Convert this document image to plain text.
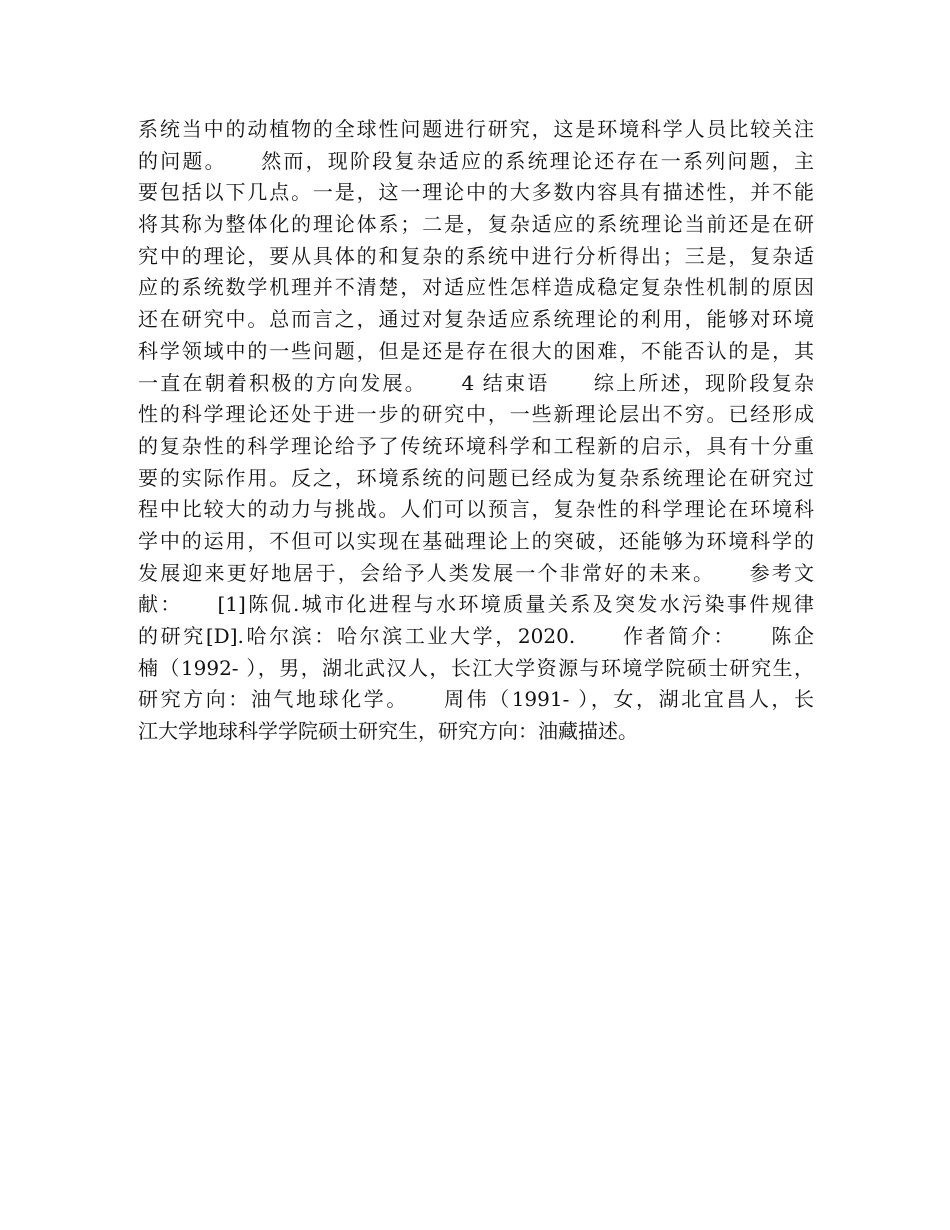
系统当中的动植物的全球性问题进行研究，这是环境科学人员比较关注
的问题。　　然而，现阶段复杂适应的系统理论还存在一系列问题，主
要包括以下几点。一是，这一理论中的大多数内容具有描述性，并不能
将其称为整体化的理论体系；二是，复杂适应的系统理论当前还是在研
究中的理论，要从具体的和复杂的系统中进行分析得出；三是，复杂适
应的系统数学机理并不清楚，对适应性怎样造成稳定复杂性机制的原因
还在研究中。总而言之，通过对复杂适应系统理论的利用，能够对环境
科学领域中的一些问题，但是还是存在很大的困难，不能否认的是，其
一直在朝着积极的方向发展。　　4 结束语　　综上所述，现阶段复杂
性的科学理论还处于进一步的研究中，一些新理论层出不穷。已经形成
的复杂性的科学理论给予了传统环境科学和工程新的启示，具有十分重
要的实际作用。反之，环境系统的问题已经成为复杂系统理论在研究过
程中比较大的动力与挑战。人们可以预言，复杂性的科学理论在环境科
学中的运用，不但可以实现在基础理论上的突破，还能够为环境科学的
发展迎来更好地居于，会给予人类发展一个非常好的未来。　　参考文
献：　　[1]陈侃.城市化进程与水环境质量关系及突发水污染事件规律
的研究[D].哈尔滨：哈尔滨工业大学，2020.　　作者简介：　　陈企
楠（1992- ），男，湖北武汉人，长江大学资源与环境学院硕士研究生，
研究方向：油气地球化学。　　周伟（1991- ），女，湖北宜昌人，长
江大学地球科学学院硕士研究生，研究方向：油藏描述。
